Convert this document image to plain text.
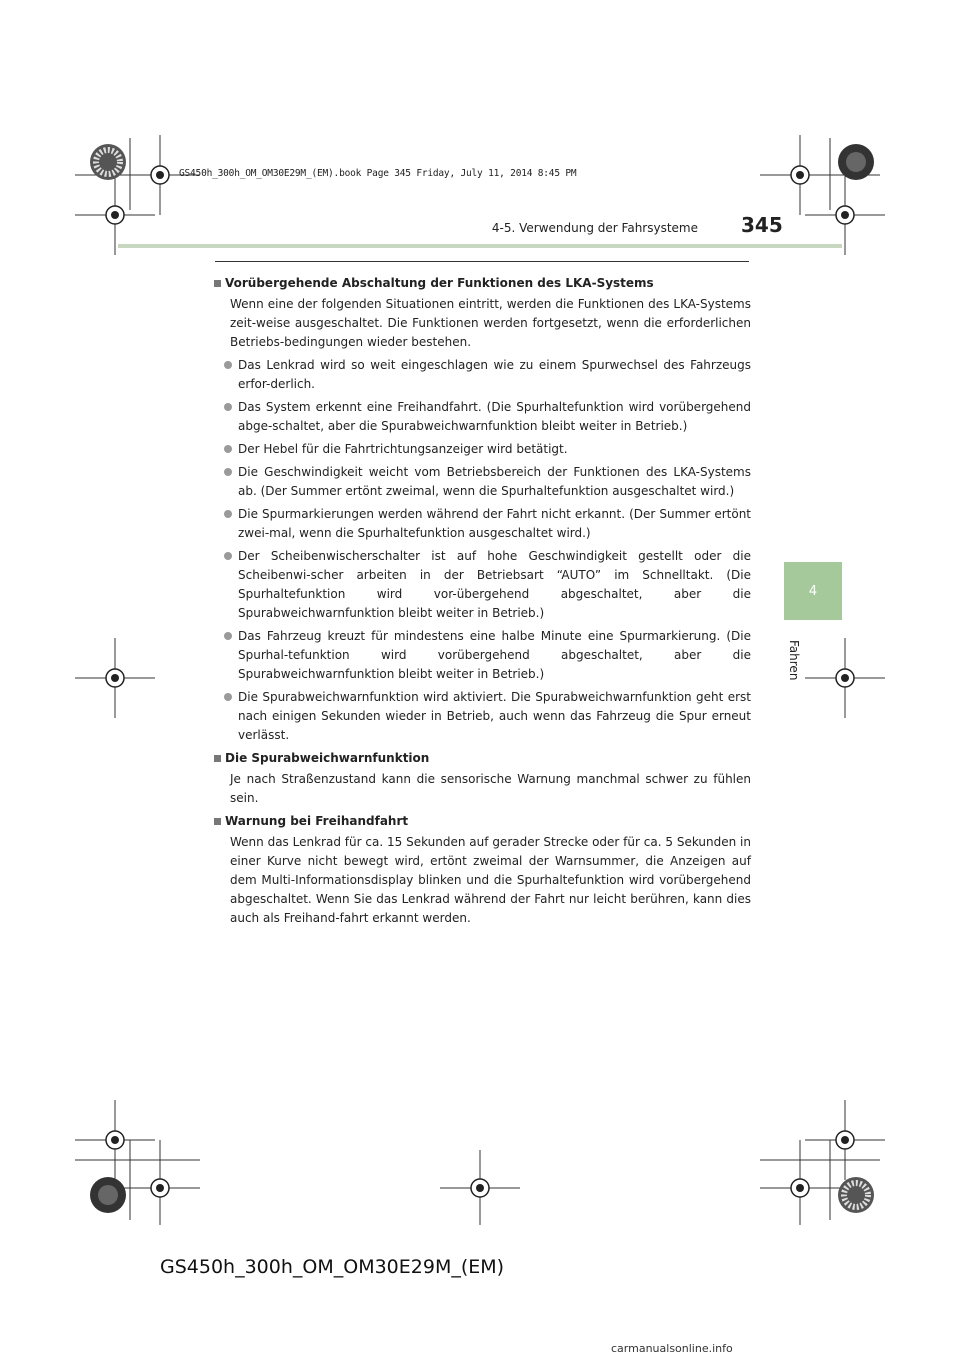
GS450h_300h_OM_OM30E29M_(EM).book Page 345 Friday, July 11, 2014 8:45 PM
4-5. Verwendung der Fahrsysteme 345
4
Fahren
Vorübergehende Abschaltung der Funktionen des LKA-Systems
Wenn eine der folgenden Situationen eintritt, werden die Funktionen des LKA-Systems zeit-weise ausgeschaltet. Die Funktionen werden fortgesetzt, wenn die erforderlichen Betriebs-bedingungen wieder bestehen.
Das Lenkrad wird so weit eingeschlagen wie zu einem Spurwechsel des Fahrzeugs erfor-derlich.
Das System erkennt eine Freihandfahrt. (Die Spurhaltefunktion wird vorübergehend abge-schaltet, aber die Spurabweichwarnfunktion bleibt weiter in Betrieb.)
Der Hebel für die Fahrtrichtungsanzeiger wird betätigt.
Die Geschwindigkeit weicht vom Betriebsbereich der Funktionen des LKA-Systems ab. (Der Summer ertönt zweimal, wenn die Spurhaltefunktion ausgeschaltet wird.)
Die Spurmarkierungen werden während der Fahrt nicht erkannt. (Der Summer ertönt zwei-mal, wenn die Spurhaltefunktion ausgeschaltet wird.)
Der Scheibenwischerschalter ist auf hohe Geschwindigkeit gestellt oder die Scheibenwi-scher arbeiten in der Betriebsart “AUTO” im Schnelltakt. (Die Spurhaltefunktion wird vor-übergehend abgeschaltet, aber die Spurabweichwarnfunktion bleibt weiter in Betrieb.)
Das Fahrzeug kreuzt für mindestens eine halbe Minute eine Spurmarkierung. (Die Spurhal-tefunktion wird vorübergehend abgeschaltet, aber die Spurabweichwarnfunktion bleibt weiter in Betrieb.)
Die Spurabweichwarnfunktion wird aktiviert. Die Spurabweichwarnfunktion geht erst nach einigen Sekunden wieder in Betrieb, auch wenn das Fahrzeug die Spur erneut verlässt.
Die Spurabweichwarnfunktion
Je nach Straßenzustand kann die sensorische Warnung manchmal schwer zu fühlen sein.
Warnung bei Freihandfahrt
Wenn das Lenkrad für ca. 15 Sekunden auf gerader Strecke oder für ca. 5 Sekunden in einer Kurve nicht bewegt wird, ertönt zweimal der Warnsummer, die Anzeigen auf dem Multi-Informationsdisplay blinken und die Spurhaltefunktion wird vorübergehend abgeschaltet. Wenn Sie das Lenkrad während der Fahrt nur leicht berühren, kann dies auch als Freihand-fahrt erkannt werden.
GS450h_300h_OM_OM30E29M_(EM)
carmanualsonline.info
